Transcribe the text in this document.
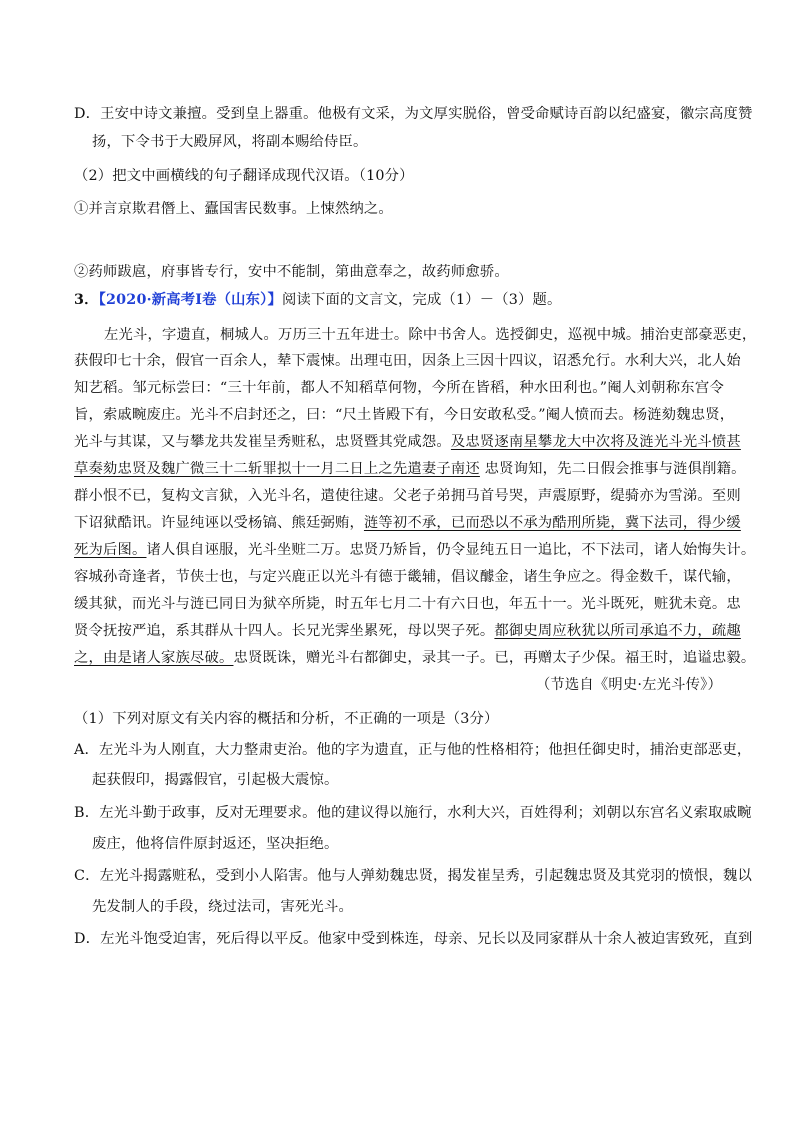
D．王安中诗文兼擅。受到皇上器重。他极有文采，为文厚实脱俗，曾受命赋诗百韵以纪盛宴，徽宗高度赞
扬，下令书于大殿屏风，将副本赐给侍臣。
（2）把文中画横线的句子翻译成现代汉语。（10分）
①并言京欺君僭上、蠹国害民数事。上悚然纳之。
②药师跋扈，府事皆专行，安中不能制，第曲意奉之，故药师愈骄。
3．【2020·新高考Ⅰ卷（山东）】阅读下面的文言文，完成（1）－（3）题。
左光斗，字遗直，桐城人。万历三十五年进士。除中书舍人。选授御史，巡视中城。捕治吏部豪恶吏，
获假印七十余，假官一百余人，辇下震悚。出理屯田，因条上三因十四议，诏悉允行。水利大兴，北人始
知艺稻。邹元标尝曰：“三十年前，都人不知稻草何物，今所在皆稻，种水田利也。”阉人刘朝称东宫令
旨，索戚畹废庄。光斗不启封还之，曰：“尺土皆殿下有，今日安敢私受。”阉人愤而去。杨涟劾魏忠贤，
光斗与其谋，又与攀龙共发崔呈秀赃私，忠贤暨其党咸怨。及忠贤逐南星攀龙大中次将及涟光斗光斗愤甚
草奏劾忠贤及魏广微三十二斩罪拟十一月二日上之先遣妻子南还 忠贤询知，先二日假会推事与涟俱削籍。
群小恨不已，复构文言狱，入光斗名，遣使往逮。父老子弟拥马首号哭，声震原野，缇骑亦为雪涕。至则
下诏狱酷讯。许显纯诬以受杨镐、熊廷弼贿，涟等初不承，已而恐以不承为酷刑所毙，冀下法司，得少缓
死为后图。诸人俱自诬服，光斗坐赃二万。忠贤乃矫旨，仍令显纯五日一追比，不下法司，诸人始悔失计。
容城孙奇逢者，节侠士也，与定兴鹿正以光斗有德于畿辅，倡议醵金，诸生争应之。得金数千，谋代输，
缓其狱，而光斗与涟已同日为狱卒所毙，时五年七月二十有六日也，年五十一。光斗既死，赃犹未竟。忠
贤令抚按严追，系其群从十四人。长兄光霁坐累死，母以哭子死。都御史周应秋犹以所司承追不力，疏趣
之，由是诸人家族尽破。忠贤既诛，赠光斗右都御史，录其一子。已，再赠太子少保。福王时，追谥忠毅。
（节选自《明史·左光斗传》）
（1）下列对原文有关内容的概括和分析，不正确的一项是（3分）
A．左光斗为人刚直，大力整肃吏治。他的字为遗直，正与他的性格相符；他担任御史时，捕治吏部恶吏，
起获假印，揭露假官，引起极大震惊。
B．左光斗勤于政事，反对无理要求。他的建议得以施行，水利大兴，百姓得利；刘朝以东宫名义索取戚畹
废庄，他将信件原封返还，坚决拒绝。
C．左光斗揭露赃私，受到小人陷害。他与人弹劾魏忠贤，揭发崔呈秀，引起魏忠贤及其党羽的愤恨，魏以
先发制人的手段，绕过法司，害死光斗。
D．左光斗饱受迫害，死后得以平反。他家中受到株连，母亲、兄长以及同家群从十余人被迫害致死，直到
